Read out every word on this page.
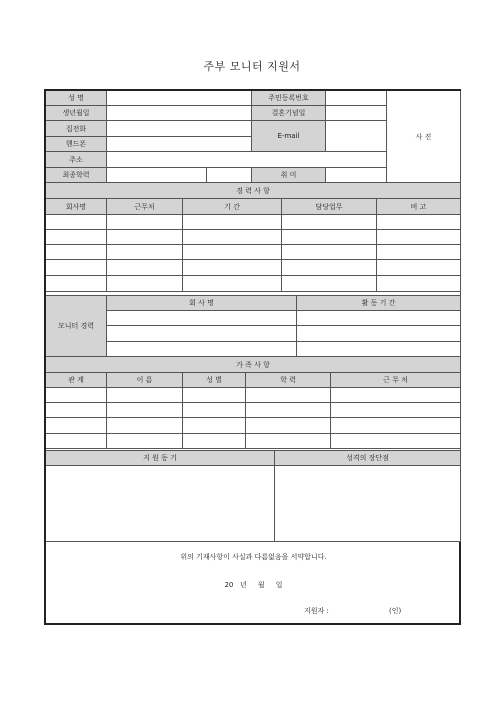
주부 모니터 지원서
성 명	주민등록번호
사 진
생년월일	결혼기념일
집전화
E-mail
핸드폰
주소
최종학력	취 미
경 력 사 항
회사명	근무처	기 간	담당업무	비 고
모니터 경력
회 사 명	활 동 기 간
가 족 사 항
관 계	이 름	성 별	학 력	근 무 처
지 원 동 기	성격의 장단점
위의 기재사항이 사실과 다름없음을 서약합니다.
20   년     월     일
지원자 :	(인)
